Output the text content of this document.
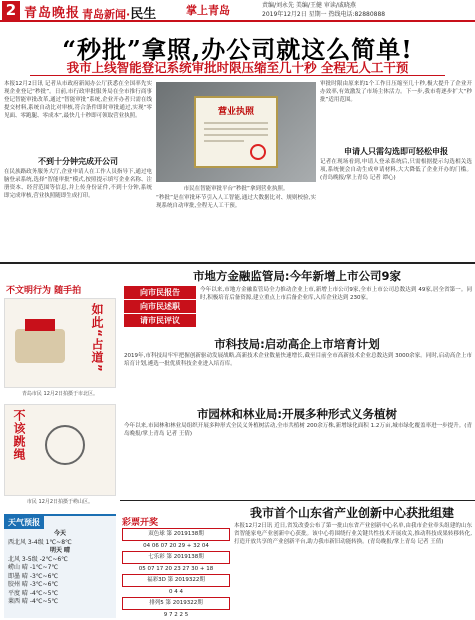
2 青岛晚报 青岛新闻·民生	掌上青岛	责编/刘永先 美编/王健 审读/戚晓燕
2019年12月2日 星期一 热线电话:82880888
“秒批”拿照,办公司就这么简单!
我市上线智能登记系统审批时限压缩至几十秒 全程无人工干预
本报12月2日讯 记者从市政府新闻办公厅获悉在全国率先实现企业登记“秒批”。日前,市行政审批服务局在全市推行商事登记智能审批改革,通过“智能审批”系统,企业开办者只需在线提交材料,系统自动比对审核,符合条件即时审批通过,实现“零见面、零跑腿、零成本”,最快几十秒即可领取营业执照。
不到十分钟完成开公司
在民族路政务服务大厅,企业申请人在工作人员指导下,通过电脑登录系统,选择“智能审批”模式,按照提示填写企业名称、注册资本、经营范围等信息,并上传身份证件,不到十分钟,系统即完成审核,营业执照随即生成打印。
营业执照
市民在智能审批平台“秒批”拿到营业执照。
“秒批”是在审批环节引入人工智能,通过大数据比对、规则校验,实现系统自动审批,全程无人工干预。
审批时限由原来的1个工作日压缩至几十秒,极大提升了企业开办效率,有效激发了市场主体活力。下一步,我市将逐步扩大“秒批”适用范围。
申请人只需勾选即可轻松申报
记者在现场看到,申请人登录系统后,只需根据提示勾选相关选项,系统便会自动生成申请材料,大大降低了企业开办的门槛。(青岛晚报/掌上青岛 记者 谭心)
不文明行为 随手拍
如此“占道”
青岛市民 12月2日拍摄于市北区。
不该跳绳
市民 12月2日拍摄于崂山区。
市地方金融监管局:今年新增上市公司9家
向市民报告
向市民述职
请市民评议
今年以来,市地方金融监管局全力推动企业上市,新增上市公司9家,全市上市公司总数达到 49家,居全省第一。同时,积极培育后备资源,建立重点上市后备企业库,入库企业达到 230家。
市科技局:启动高企上市培育计划
2019年,市科技局牢牢把握创新驱动发展战略,高新技术企业数量快速增长,截至目前全市高新技术企业总数达到 3000余家。同时,启动高企上市培育计划,遴选一批优质科技企业进入培育库。
市园林和林业局:开展多种形式义务植树
今年以来,市园林和林业局组织开展多种形式全民义务植树活动,全市共植树 200余万株,新增绿化面积 1.2万亩,城市绿化覆盖率进一步提升。(青岛晚报/掌上青岛 记者 王倩)
我市首个山东省产业创新中心获批组建
本报12月2日讯 近日,省发改委公布了第一批山东省产业创新中心名单,由我市企业牵头组建的山东省智能家电产业创新中心获批。该中心将围绕行业关键共性技术开展攻关,推动科技成果转移转化,打造开放共享的产业创新平台,助力我市新旧动能转换。(青岛晚报/掌上青岛 记者 王倩)
天气预报
今天
西北风 3-4级 1℃~8℃
明天 晴
北风 3-5级 -2℃~6℃
崂山 晴 -1℃~7℃
即墨 晴 -3℃~6℃
胶州 晴 -3℃~6℃
平度 晴 -4℃~5℃
莱西 晴 -4℃~5℃
彩票开奖
双色球 第 2019138期
04 06 07 20 29 + 32 04
七乐彩 第 2019138期
05 07 17 20 23 27 30 + 18
福彩3D 第 2019322期
0 4 4
排列5 第 2019322期
9 7 2 2 5
